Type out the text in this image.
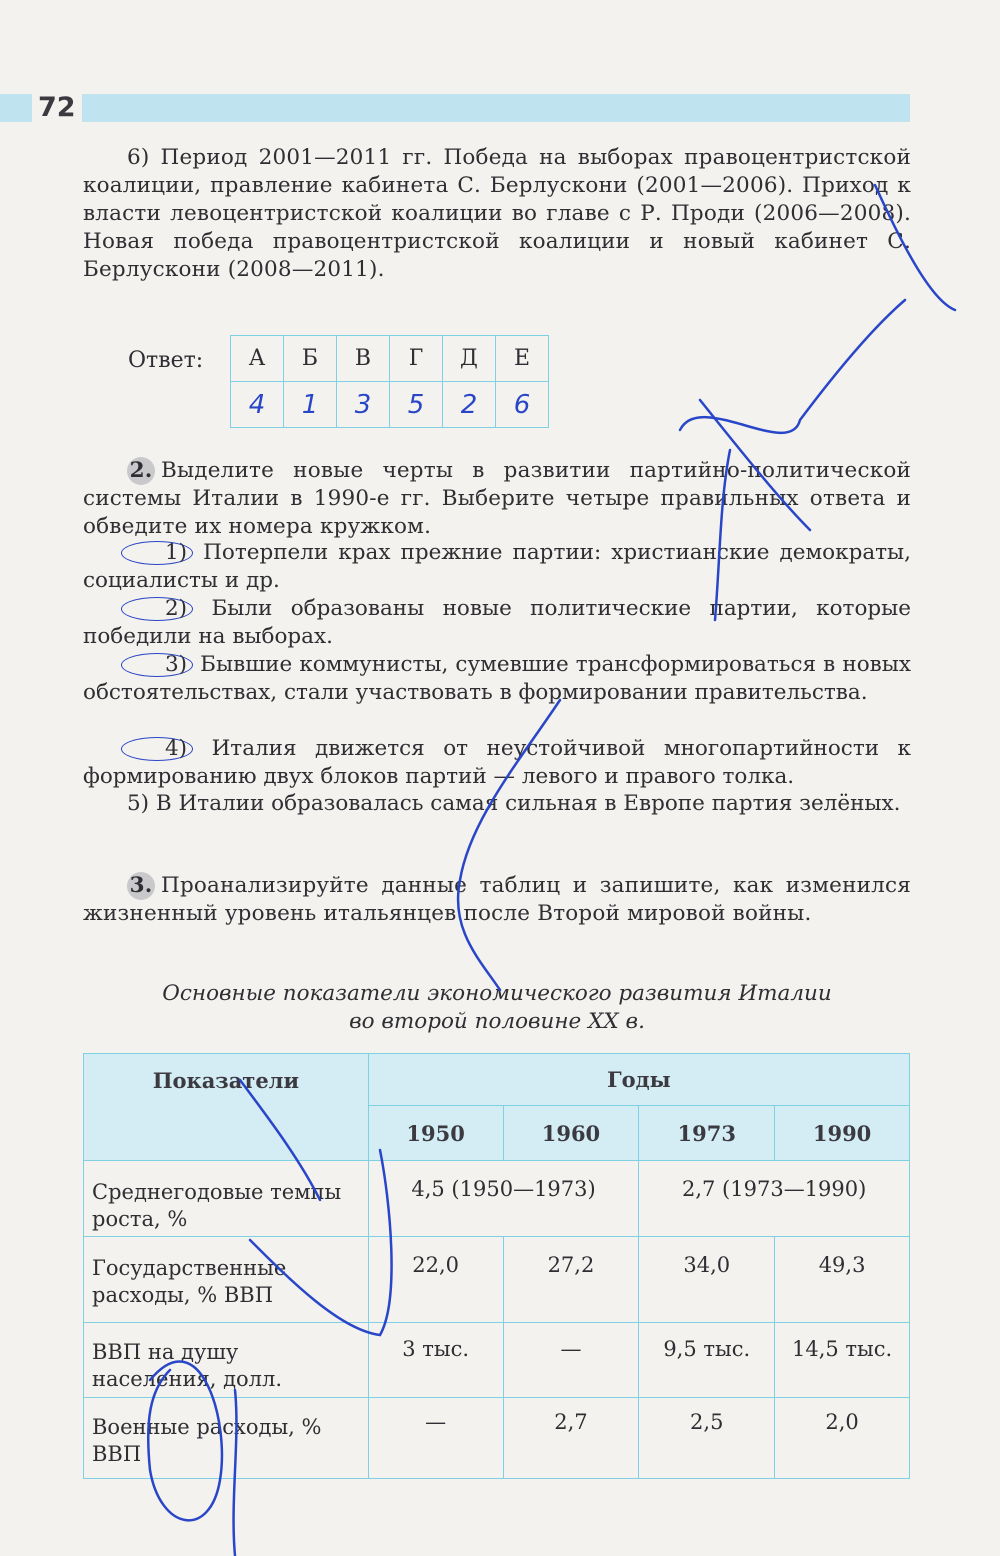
72
6) Период 2001—2011 гг. Победа на выборах правоцентристской коалиции, правление кабинета С. Берлускони (2001—2006). Приход к власти левоцентристской коалиции во главе с Р. Проди (2006—2008). Новая победа правоцентристской коалиции и новый кабинет С. Берлускони (2008—2011).
Ответ: А	Б	В	Г	Д	Е
4	1	3	5	2	6
2. Выделите новые черты в развитии партийно-политической системы Италии в 1990-е гг. Выберите четыре правильных ответа и обведите их номера кружком.
1) Потерпели крах прежние партии: христианские демократы, социалисты и др.
2) Были образованы новые политические партии, которые победили на выборах.
3) Бывшие коммунисты, сумевшие трансформироваться в новых обстоятельствах, стали участвовать в формировании правительства.
4) Италия движется от неустойчивой многопартийности к формированию двух блоков партий — левого и правого толка.
5) В Италии образовалась самая сильная в Европе партия зелёных.
3. Проанализируйте данные таблиц и запишите, как изменился жизненный уровень итальянцев после Второй мировой войны.
Основные показатели экономического развития Италии
во второй половине XX в.
Показатели	Годы			
	1950	1960	1973	1990
Среднегодовые темпы роста, %	4,5 (1950—1973)		2,7 (1973—1990)	
Государственные расходы, % ВВП	22,0	27,2	34,0	49,3
ВВП на душу населения, долл.	3 тыс.	—	9,5 тыс.	14,5 тыс.
Военные расходы, % ВВП	—	2,7	2,5	2,0
